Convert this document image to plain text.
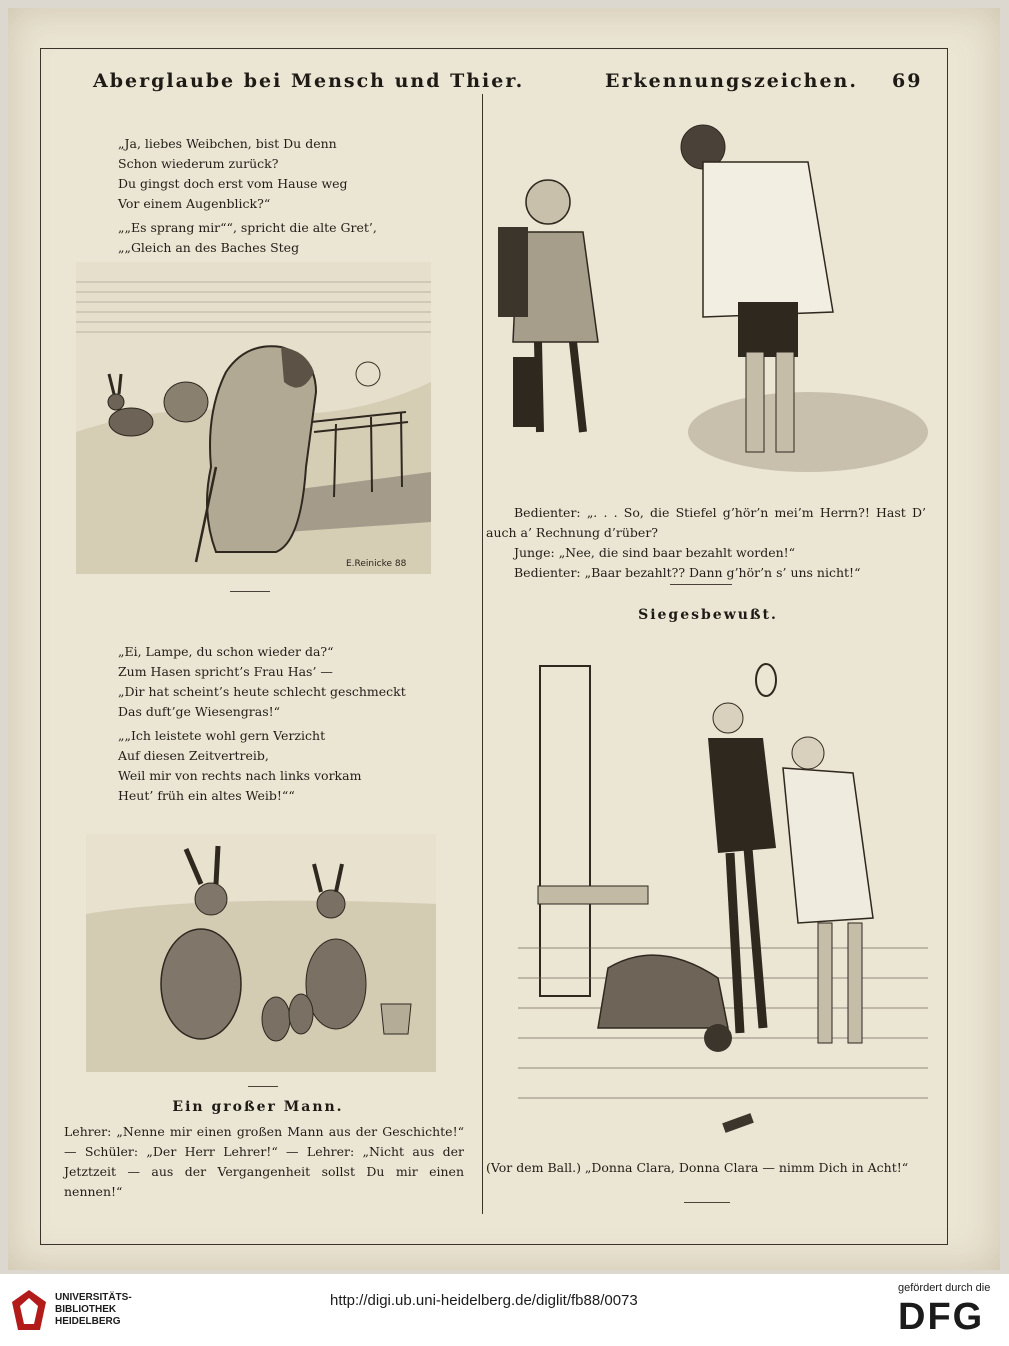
Aberglaube bei Mensch und Thier.	Erkennungszeichen. 69

„Ja, liebes Weibchen, bist Du denn
Schon wiederum zurück?
Du gingst doch erst vom Hause weg
Vor einem Augenblick?“

„„Es sprang mir““, spricht die alte Gret’,
„„Gleich an des Baches Steg

E.Reinicke 88

„Ei, Lampe, du schon wieder da?“
Zum Hasen spricht’s Frau Has’ —
„Dir hat scheint’s heute schlecht geschmeckt
Das duft’ge Wiesengras!“

„„Ich leistete wohl gern Verzicht
Auf diesen Zeitvertreib,
Weil mir von rechts nach links vorkam
Heut’ früh ein altes Weib!““

Ein großer Mann.
Lehrer: „Nenne mir einen großen Mann aus der Geschichte!“ — Schüler: „Der Herr Lehrer!“ — Lehrer: „Nicht aus der Jetztzeit — aus der Vergangenheit sollst Du mir einen nennen!“
Bedienter: „. . . So, die Stiefel g’hör’n mei’m Herrn?! Hast D’ auch a’ Rechnung d’rüber?
Junge: „Nee, die sind baar bezahlt worden!“
Bedienter: „Baar bezahlt?? Dann g’hör’n s’ uns nicht!“
Siegesbewußt.
(Vor dem Ball.) „Donna Clara, Donna Clara — nimm Dich in Acht!“
UNIVERSITÄTS-
BIBLIOTHEK
HEIDELBERG
http://digi.ub.uni-heidelberg.de/diglit/fb88/0073
gefördert durch die
DFG
